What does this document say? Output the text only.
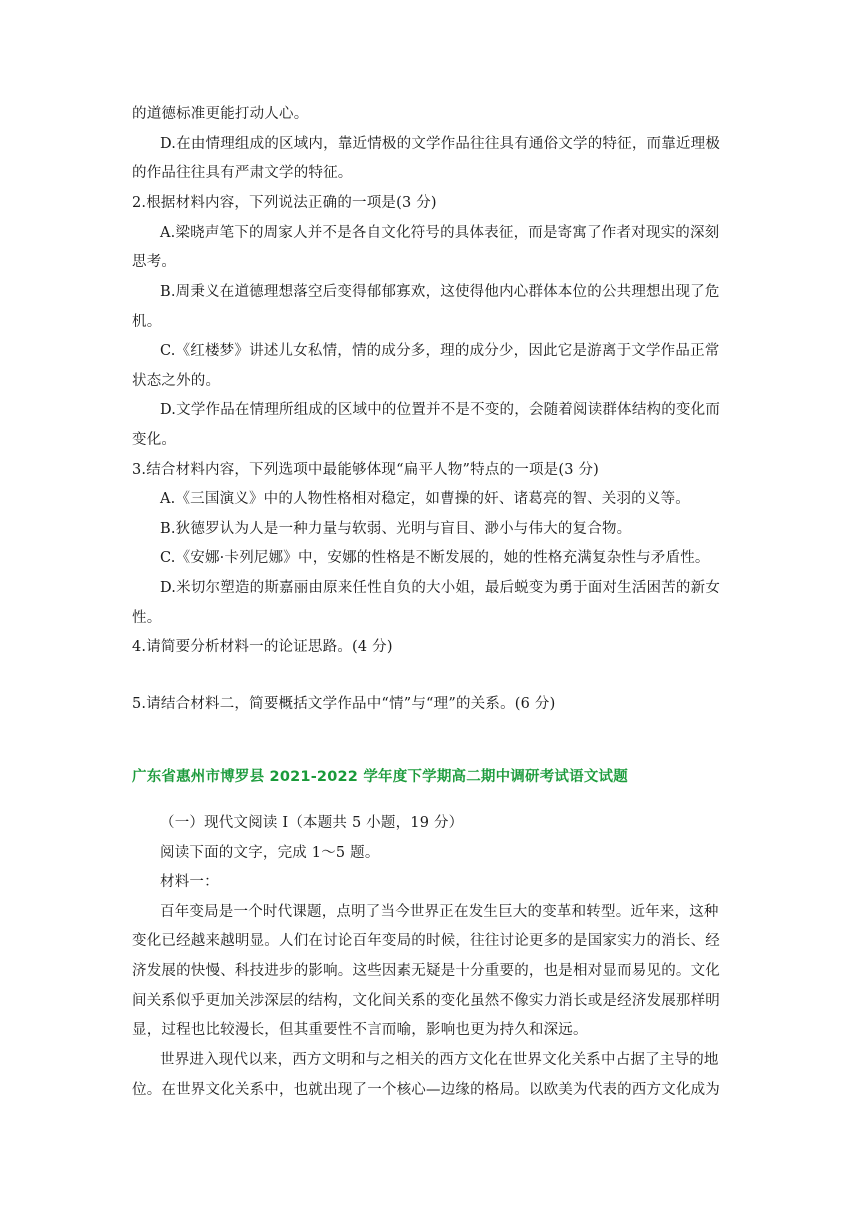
的道德标准更能打动人心。
D.在由情理组成的区域内，靠近情极的文学作品往往具有通俗文学的特征，而靠近理极
的作品往往具有严肃文学的特征。
2.根据材料内容，下列说法正确的一项是(3 分)
A.梁晓声笔下的周家人并不是各自文化符号的具体表征，而是寄寓了作者对现实的深刻
思考。
B.周秉义在道德理想落空后变得郁郁寡欢，这使得他内心群体本位的公共理想出现了危
机。
C.《红楼梦》讲述儿女私情，情的成分多，理的成分少，因此它是游离于文学作品正常
状态之外的。
D.文学作品在情理所组成的区域中的位置并不是不变的，会随着阅读群体结构的变化而
变化。
3.结合材料内容，下列选项中最能够体现“扁平人物”特点的一项是(3 分)
A.《三国演义》中的人物性格相对稳定，如曹操的奸、诸葛亮的智、关羽的义等。
B.狄德罗认为人是一种力量与软弱、光明与盲目、渺小与伟大的复合物。
C.《安娜·卡列尼娜》中，安娜的性格是不断发展的，她的性格充满复杂性与矛盾性。
D.米切尔塑造的斯嘉丽由原来任性自负的大小姐，最后蜕变为勇于面对生活困苦的新女
性。
4.请简要分析材料一的论证思路。(4 分)
5.请结合材料二，简要概括文学作品中“情”与“理”的关系。(6 分)
广东省惠州市博罗县 2021-2022 学年度下学期高二期中调研考试语文试题
（一）现代文阅读 I（本题共 5 小题，19 分）
阅读下面的文字，完成 1～5 题。
材料一：
百年变局是一个时代课题，点明了当今世界正在发生巨大的变革和转型。近年来，这种
变化已经越来越明显。人们在讨论百年变局的时候，往往讨论更多的是国家实力的消长、经
济发展的快慢、科技进步的影响。这些因素无疑是十分重要的，也是相对显而易见的。文化
间关系似乎更加关涉深层的结构，文化间关系的变化虽然不像实力消长或是经济发展那样明
显，过程也比较漫长，但其重要性不言而喻，影响也更为持久和深远。
世界进入现代以来，西方文明和与之相关的西方文化在世界文化关系中占据了主导的地
位。在世界文化关系中，也就出现了一个核心—边缘的格局。以欧美为代表的西方文化成为
